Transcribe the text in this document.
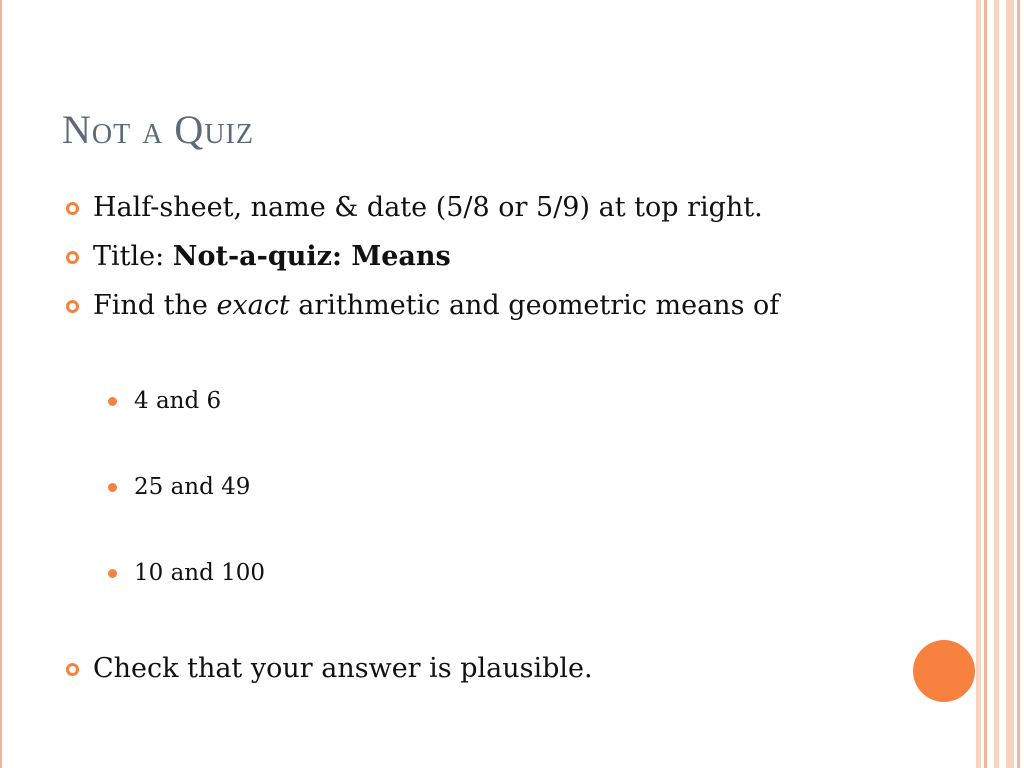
Not a Quiz
Half-sheet, name & date (5/8 or 5/9) at top right.
Title: Not-a-quiz: Means
Find the exact arithmetic and geometric means of
4 and 6
25 and 49
10 and 100
Check that your answer is plausible.
